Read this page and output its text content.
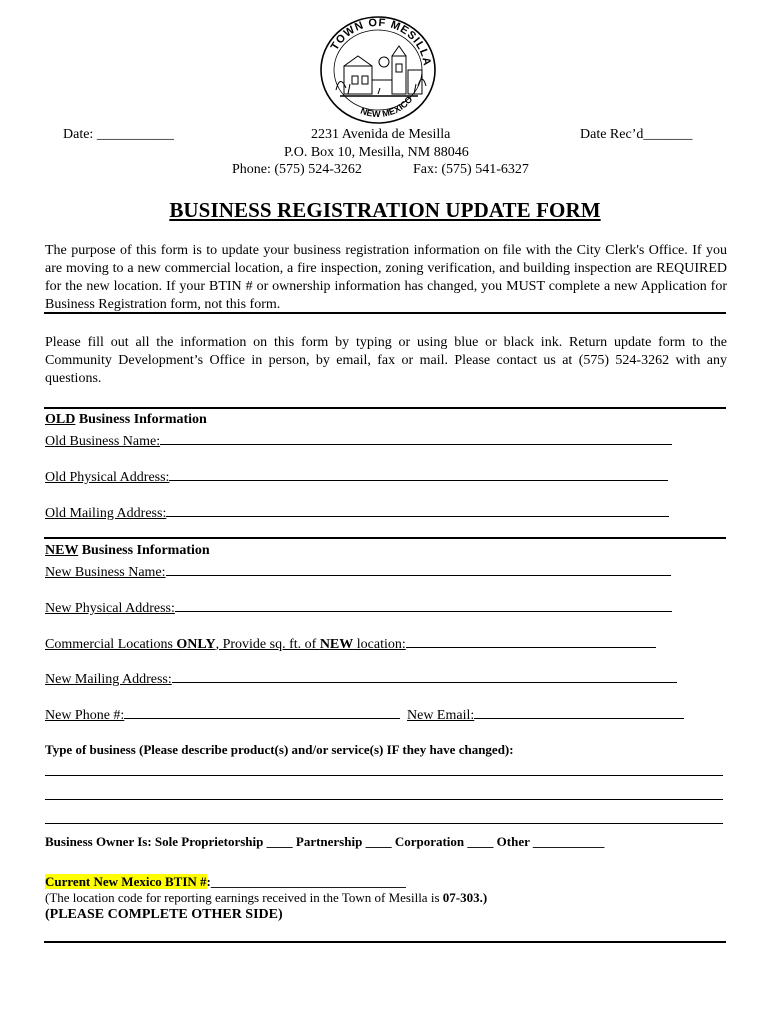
TOWN OF MESILLA
NEW MEXICO
Date: ___________	2231 Avenida de Mesilla	Date Rec’d_______
P.O. Box 10, Mesilla, NM 88046
Phone: (575) 524-3262	Fax: (575) 541-6327
BUSINESS REGISTRATION UPDATE FORM
The purpose of this form is to update your business registration information on file with the City Clerk's Office. If you are moving to a new commercial location, a fire inspection, zoning verification, and building inspection are REQUIRED for the new location. If your BTIN # or ownership information has changed, you MUST complete a new Application for Business Registration form, not this form.
Please fill out all the information on this form by typing or using blue or black ink. Return update form to the Community Development’s Office in person, by email, fax or mail. Please contact us at (575) 524-3262 with any questions.
OLD Business Information
Old Business Name:
Old Physical Address:
Old Mailing Address:
NEW Business Information
New Business Name:
New Physical Address:
Commercial Locations ONLY, Provide sq. ft. of NEW location:
New Mailing Address:
New Phone #:	New Email:
Type of business (Please describe product(s) and/or service(s) IF they have changed):
Business Owner Is: Sole Proprietorship ____ Partnership ____ Corporation ____ Other ___________
Current New Mexico BTIN #:______________________________
(The location code for reporting earnings received in the Town of Mesilla is 07-303.)
(PLEASE COMPLETE OTHER SIDE)
